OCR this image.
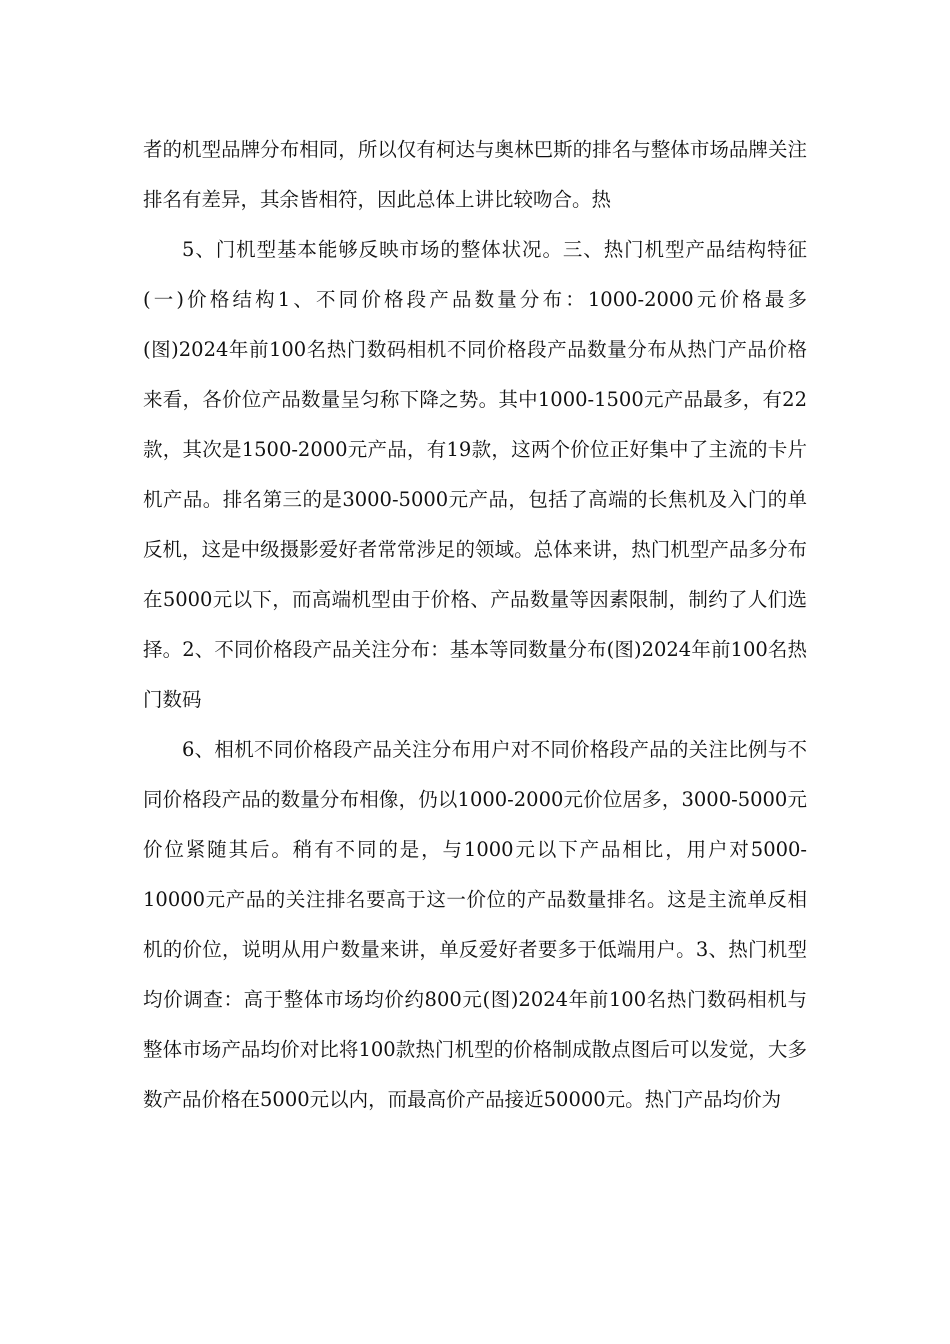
者的机型品牌分布相同，所以仅有柯达与奥林巴斯的排名与整体市场品牌关注排名有差异，其余皆相符，因此总体上讲比较吻合。热

5、门机型基本能够反映市场的整体状况。三、热门机型产品结构特征(一)价格结构1、不同价格段产品数量分布：1000-2000元价格最多(图)2024年前100名热门数码相机不同价格段产品数量分布从热门产品价格来看，各价位产品数量呈匀称下降之势。其中1000-1500元产品最多，有22款，其次是1500-2000元产品，有19款，这两个价位正好集中了主流的卡片机产品。排名第三的是3000-5000元产品，包括了高端的长焦机及入门的单反机，这是中级摄影爱好者常常涉足的领域。总体来讲，热门机型产品多分布在5000元以下，而高端机型由于价格、产品数量等因素限制，制约了人们选择。2、不同价格段产品关注分布：基本等同数量分布(图)2024年前100名热门数码

6、相机不同价格段产品关注分布用户对不同价格段产品的关注比例与不同价格段产品的数量分布相像，仍以1000-2000元价位居多，3000-5000元价位紧随其后。稍有不同的是，与1000元以下产品相比，用户对5000-10000元产品的关注排名要高于这一价位的产品数量排名。这是主流单反相机的价位，说明从用户数量来讲，单反爱好者要多于低端用户。3、热门机型均价调查：高于整体市场均价约800元(图)2024年前100名热门数码相机与整体市场产品均价对比将100款热门机型的价格制成散点图后可以发觉，大多数产品价格在5000元以内，而最高价产品接近50000元。热门产品均价为
